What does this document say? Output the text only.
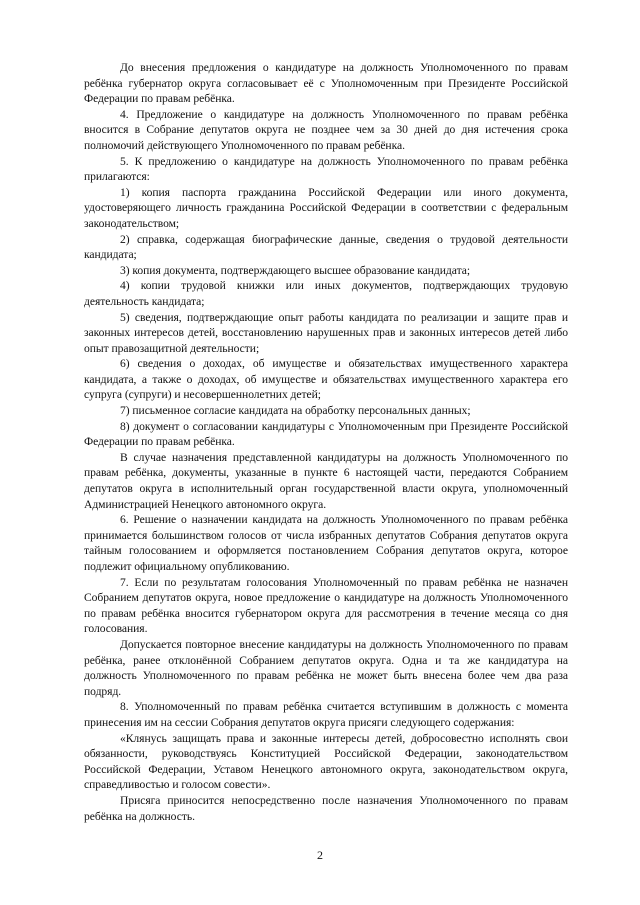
До внесения предложения о кандидатуре на должность Уполномоченного по правам ребёнка губернатор округа согласовывает её с Уполномоченным при Президенте Российской Федерации по правам ребёнка.

4. Предложение о кандидатуре на должность Уполномоченного по правам ребёнка вносится в Собрание депутатов округа не позднее чем за 30 дней до дня истечения срока полномочий действующего Уполномоченного по правам ребёнка.

5. К предложению о кандидатуре на должность Уполномоченного по правам ребёнка прилагаются:

1) копия паспорта гражданина Российской Федерации или иного документа, удостоверяющего личность гражданина Российской Федерации в соответствии с федеральным законодательством;

2) справка, содержащая биографические данные, сведения о трудовой деятельности кандидата;

3) копия документа, подтверждающего высшее образование кандидата;

4) копии трудовой книжки или иных документов, подтверждающих трудовую деятельность кандидата;

5) сведения, подтверждающие опыт работы кандидата по реализации и защите прав и законных интересов детей, восстановлению нарушенных прав и законных интересов детей либо опыт правозащитной деятельности;

6) сведения о доходах, об имуществе и обязательствах имущественного характера кандидата, а также о доходах, об имуществе и обязательствах имущественного характера его супруга (супруги) и несовершеннолетних детей;

7) письменное согласие кандидата на обработку персональных данных;

8) документ о согласовании кандидатуры с Уполномоченным при Президенте Российской Федерации по правам ребёнка.

В случае назначения представленной кандидатуры на должность Уполномоченного по правам ребёнка, документы, указанные в пункте 6 настоящей части, передаются Собранием депутатов округа в исполнительный орган государственной власти округа, уполномоченный Администрацией Ненецкого автономного округа.

6. Решение о назначении кандидата на должность Уполномоченного по правам ребёнка принимается большинством голосов от числа избранных депутатов Собрания депутатов округа тайным голосованием и оформляется постановлением Собрания депутатов округа, которое подлежит официальному опубликованию.

7. Если по результатам голосования Уполномоченный по правам ребёнка не назначен Собранием депутатов округа, новое предложение о кандидатуре на должность Уполномоченного по правам ребёнка вносится губернатором округа для рассмотрения в течение месяца со дня голосования.

Допускается повторное внесение кандидатуры на должность Уполномоченного по правам ребёнка, ранее отклонённой Собранием депутатов округа. Одна и та же кандидатура на должность Уполномоченного по правам ребёнка не может быть внесена более чем два раза подряд.

8. Уполномоченный по правам ребёнка считается вступившим в должность с момента принесения им на сессии Собрания депутатов округа присяги следующего содержания:

«Клянусь защищать права и законные интересы детей, добросовестно исполнять свои обязанности, руководствуясь Конституцией Российской Федерации, законодательством Российской Федерации, Уставом Ненецкого автономного округа, законодательством округа, справедливостью и голосом совести».

Присяга приносится непосредственно после назначения Уполномоченного по правам ребёнка на должность.

2
